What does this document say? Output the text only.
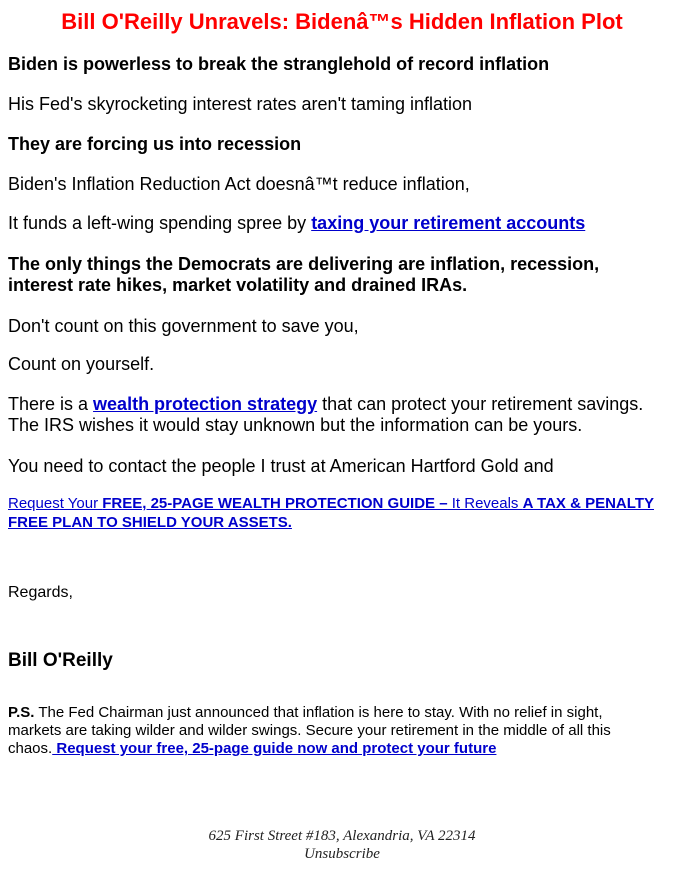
Bill O'Reilly Unravels: Bidenâ™s Hidden Inflation Plot
Biden is powerless to break the stranglehold of record inflation
His Fed's skyrocketing interest rates aren't taming inflation
They are forcing us into recession
Biden's Inflation Reduction Act doesnâ™t reduce inflation,
It funds a left-wing spending spree by taxing your retirement accounts
The only things the Democrats are delivering are inflation, recession,
interest rate hikes, market volatility and drained IRAs.
Don't count on this government to save you,
Count on yourself.
There is a wealth protection strategy that can protect your retirement savings.
The IRS wishes it would stay unknown but the information can be yours.
You need to contact the people I trust at American Hartford Gold and
Request Your FREE, 25-PAGE WEALTH PROTECTION GUIDE – It Reveals A TAX & PENALTY FREE PLAN TO SHIELD YOUR ASSETS.
Regards,
Bill O'Reilly
P.S. The Fed Chairman just announced that inflation is here to stay. With no relief in sight, markets are taking wilder and wilder swings. Secure your retirement in the middle of all this chaos. Request your free, 25-page guide now and protect your future
625 First Street #183, Alexandria, VA 22314
Unsubscribe
